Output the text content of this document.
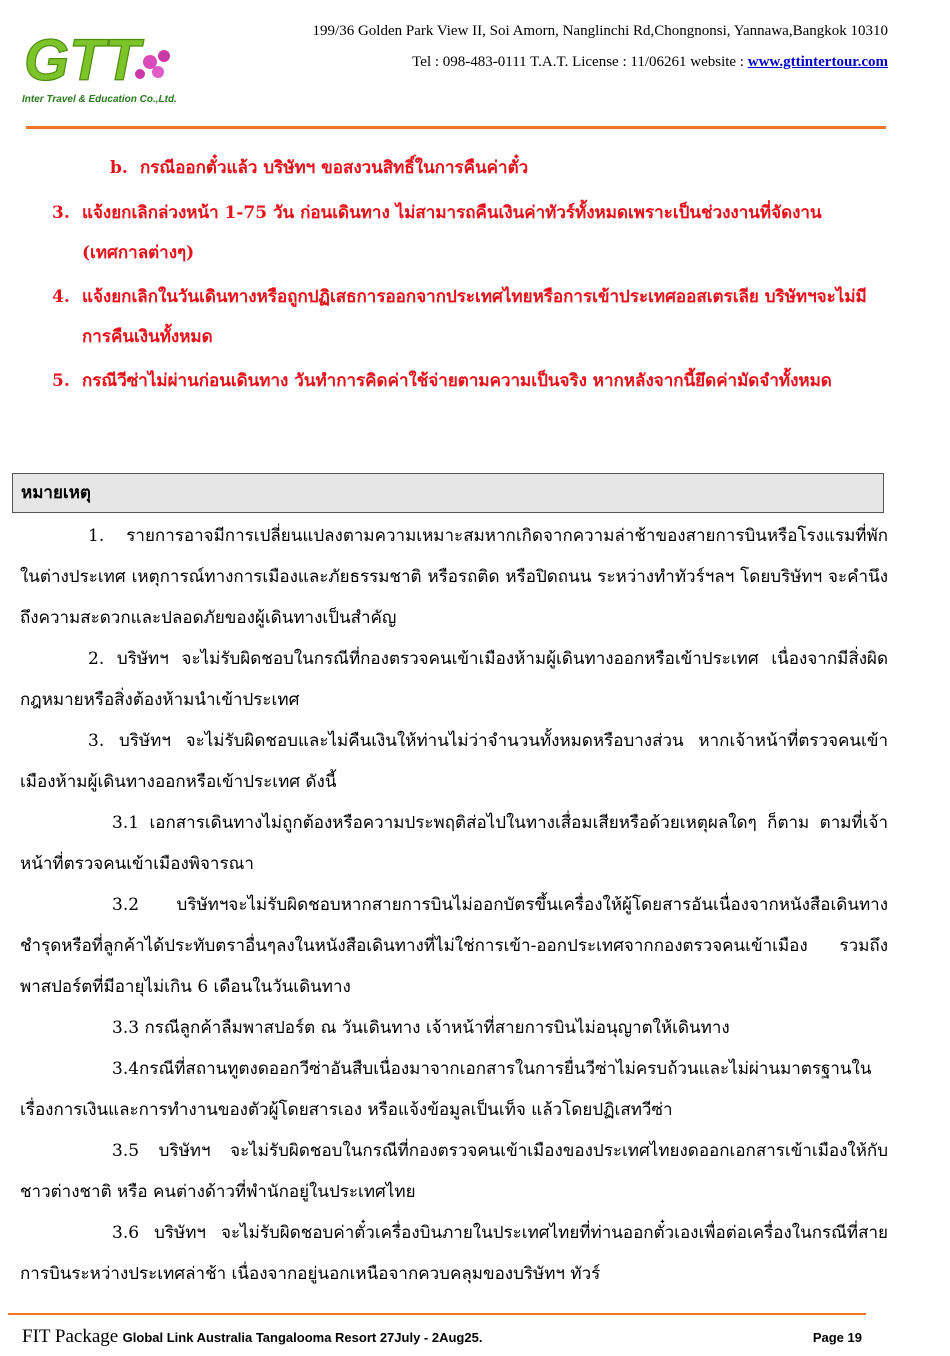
GTT
Inter Travel & Education Co.,Ltd.
199/36 Golden Park View II, Soi Amorn, Nanglinchi Rd,Chongnonsi, Yannawa,Bangkok 10310
Tel : 098-483-0111 T.A.T. License : 11/06261 website : www.gttintertour.com
b. กรณีออกตั๋วแล้ว บริษัทฯ ขอสงวนสิทธิ์ในการคืนค่าตั๋ว
3. แจ้งยกเลิกล่วงหน้า 1-75 วัน ก่อนเดินทาง ไม่สามารถคืนเงินค่าทัวร์ทั้งหมดเพราะเป็นช่วงงานที่จัดงาน (เทศกาลต่างๆ)
4. แจ้งยกเลิกในวันเดินทางหรือถูกปฏิเสธการออกจากประเทศไทยหรือการเข้าประเทศออสเตรเลีย บริษัทฯจะไม่มีการคืนเงินทั้งหมด
5. กรณีวีซ่าไม่ผ่านก่อนเดินทาง วันทำการคิดค่าใช้จ่ายตามความเป็นจริง หากหลังจากนี้ยึดค่ามัดจำทั้งหมด
หมายเหตุ

1. รายการอาจมีการเปลี่ยนแปลงตามความเหมาะสมหากเกิดจากความล่าช้าของสายการบินหรือโรงแรมที่พักในต่างประเทศ เหตุการณ์ทางการเมืองและภัยธรรมชาติ หรือรถติด หรือปิดถนน ระหว่างทำทัวร์ฯลฯ โดยบริษัทฯ จะคำนึงถึงความสะดวกและปลอดภัยของผู้เดินทางเป็นสำคัญ

2. บริษัทฯ จะไม่รับผิดชอบในกรณีที่กองตรวจคนเข้าเมืองห้ามผู้เดินทางออกหรือเข้าประเทศ เนื่องจากมีสิ่งผิดกฎหมายหรือสิ่งต้องห้ามนำเข้าประเทศ

3. บริษัทฯ จะไม่รับผิดชอบและไม่คืนเงินให้ท่านไม่ว่าจำนวนทั้งหมดหรือบางส่วน หากเจ้าหน้าที่ตรวจคนเข้าเมืองห้ามผู้เดินทางออกหรือเข้าประเทศ ดังนี้

3.1 เอกสารเดินทางไม่ถูกต้องหรือความประพฤติส่อไปในทางเสื่อมเสียหรือด้วยเหตุผลใดๆ ก็ตาม ตามที่เจ้าหน้าที่ตรวจคนเข้าเมืองพิจารณา

3.2 บริษัทฯจะไม่รับผิดชอบหากสายการบินไม่ออกบัตรขึ้นเครื่องให้ผู้โดยสารอันเนื่องจากหนังสือเดินทางชำรุดหรือที่ลูกค้าได้ประทับตราอื่นๆลงในหนังสือเดินทางที่ไม่ใช่การเข้า-ออกประเทศจากกองตรวจคนเข้าเมือง รวมถึงพาสปอร์ตที่มีอายุไม่เกิน 6 เดือนในวันเดินทาง

3.3 กรณีลูกค้าลืมพาสปอร์ต ณ วันเดินทาง เจ้าหน้าที่สายการบินไม่อนุญาตให้เดินทาง

3.4กรณีที่สถานทูตงดออกวีซ่าอันสืบเนื่องมาจากเอกสารในการยื่นวีซ่าไม่ครบถ้วนและไม่ผ่านมาตรฐานในเรื่องการเงินและการทำงานของตัวผู้โดยสารเอง หรือแจ้งข้อมูลเป็นเท็จ แล้วโดยปฏิเสทวีซ่า

3.5 บริษัทฯ จะไม่รับผิดชอบในกรณีที่กองตรวจคนเข้าเมืองของประเทศไทยงดออกเอกสารเข้าเมืองให้กับชาวต่างชาติ หรือ คนต่างด้าวที่พำนักอยู่ในประเทศไทย

3.6 บริษัทฯ จะไม่รับผิดชอบค่าตั๋วเครื่องบินภายในประเทศไทยที่ท่านออกตั๋วเองเพื่อต่อเครื่องในกรณีที่สายการบินระหว่างประเทศล่าช้า เนื่องจากอยู่นอกเหนือจากควบคลุมของบริษัทฯ ทัวร์

FIT Package Global Link Australia Tangalooma Resort 27July - 2Aug25.	Page 19
